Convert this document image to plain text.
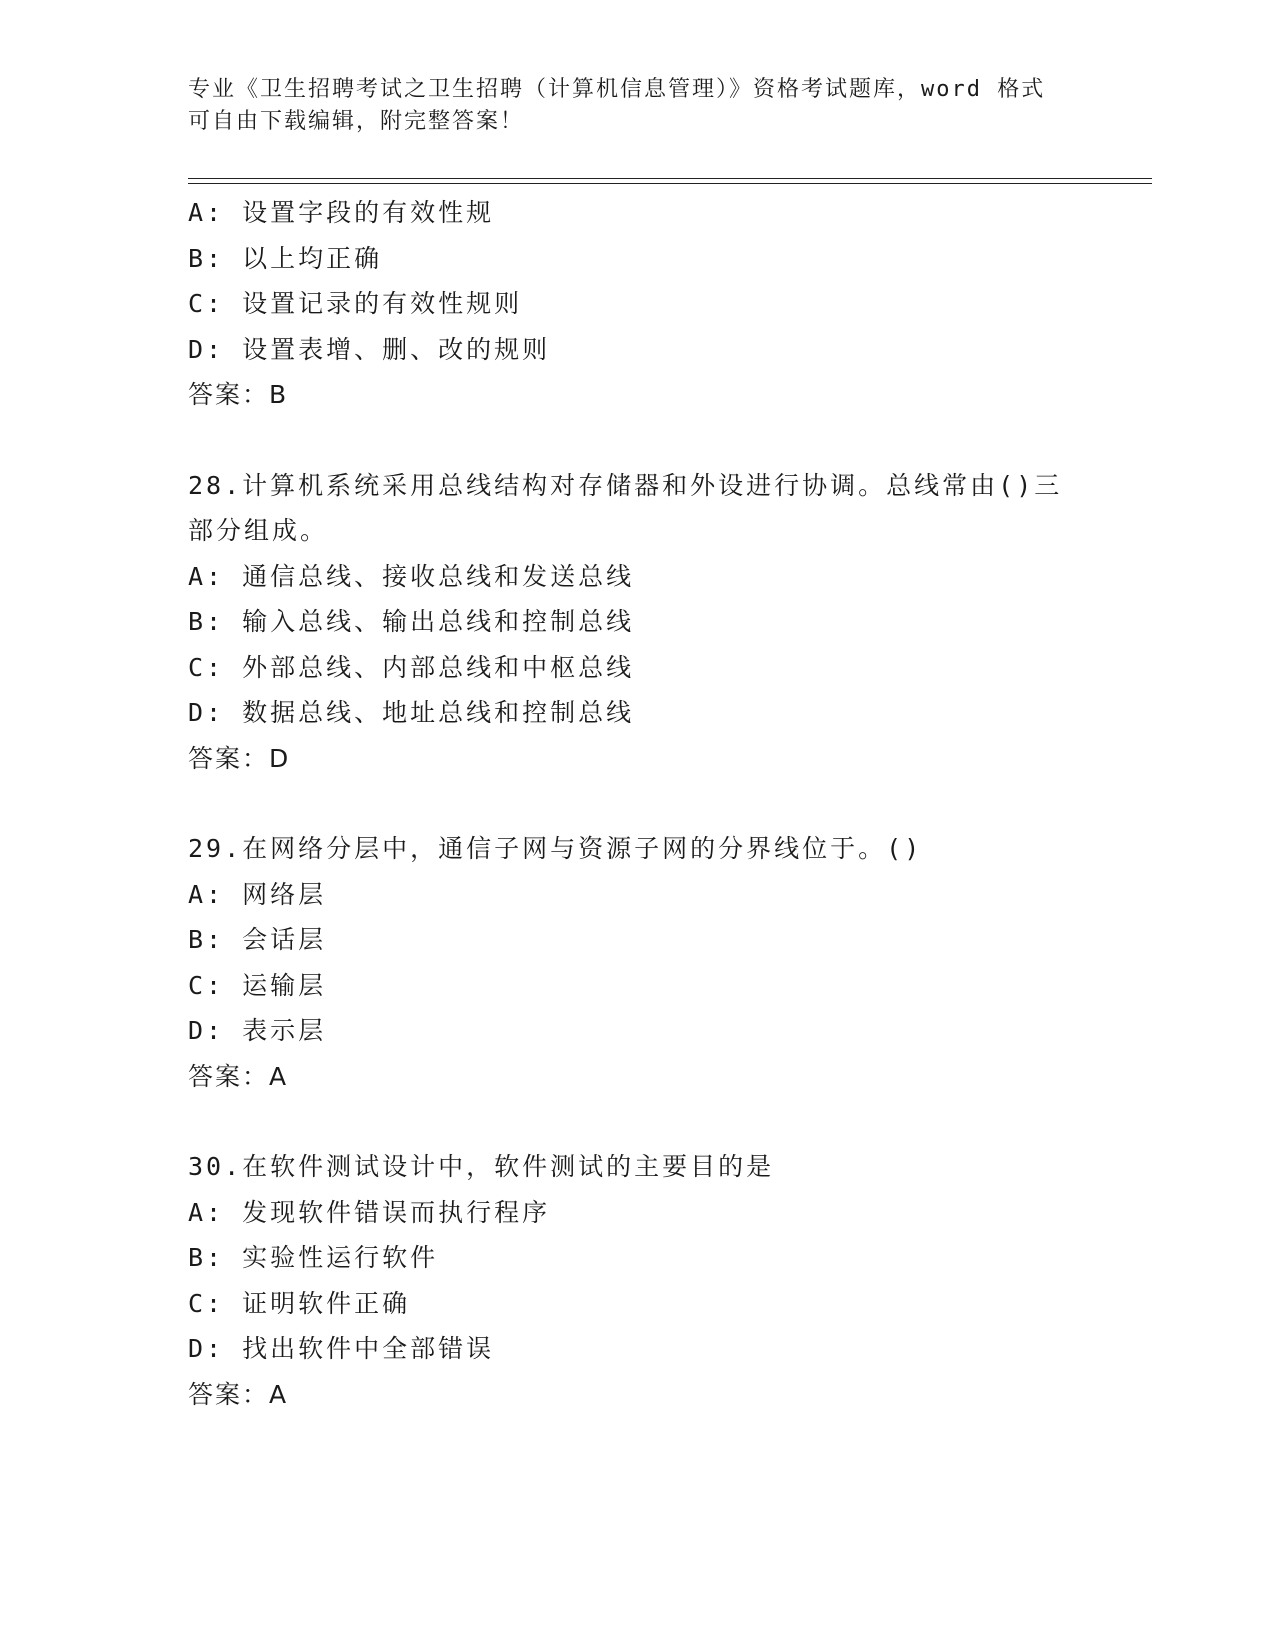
专业《卫生招聘考试之卫生招聘（计算机信息管理）》资格考试题库，word 格式
可自由下载编辑，附完整答案！
A: 设置字段的有效性规
B: 以上均正确
C: 设置记录的有效性规则
D: 设置表增、删、改的规则
答案：B
28.计算机系统采用总线结构对存储器和外设进行协调。总线常由()三
部分组成。
A: 通信总线、接收总线和发送总线
B: 输入总线、输出总线和控制总线
C: 外部总线、内部总线和中枢总线
D: 数据总线、地址总线和控制总线
答案：D
29.在网络分层中，通信子网与资源子网的分界线位于。()
A: 网络层
B: 会话层
C: 运输层
D: 表示层
答案：A
30.在软件测试设计中，软件测试的主要目的是
A: 发现软件错误而执行程序
B: 实验性运行软件
C: 证明软件正确
D: 找出软件中全部错误
答案：A
